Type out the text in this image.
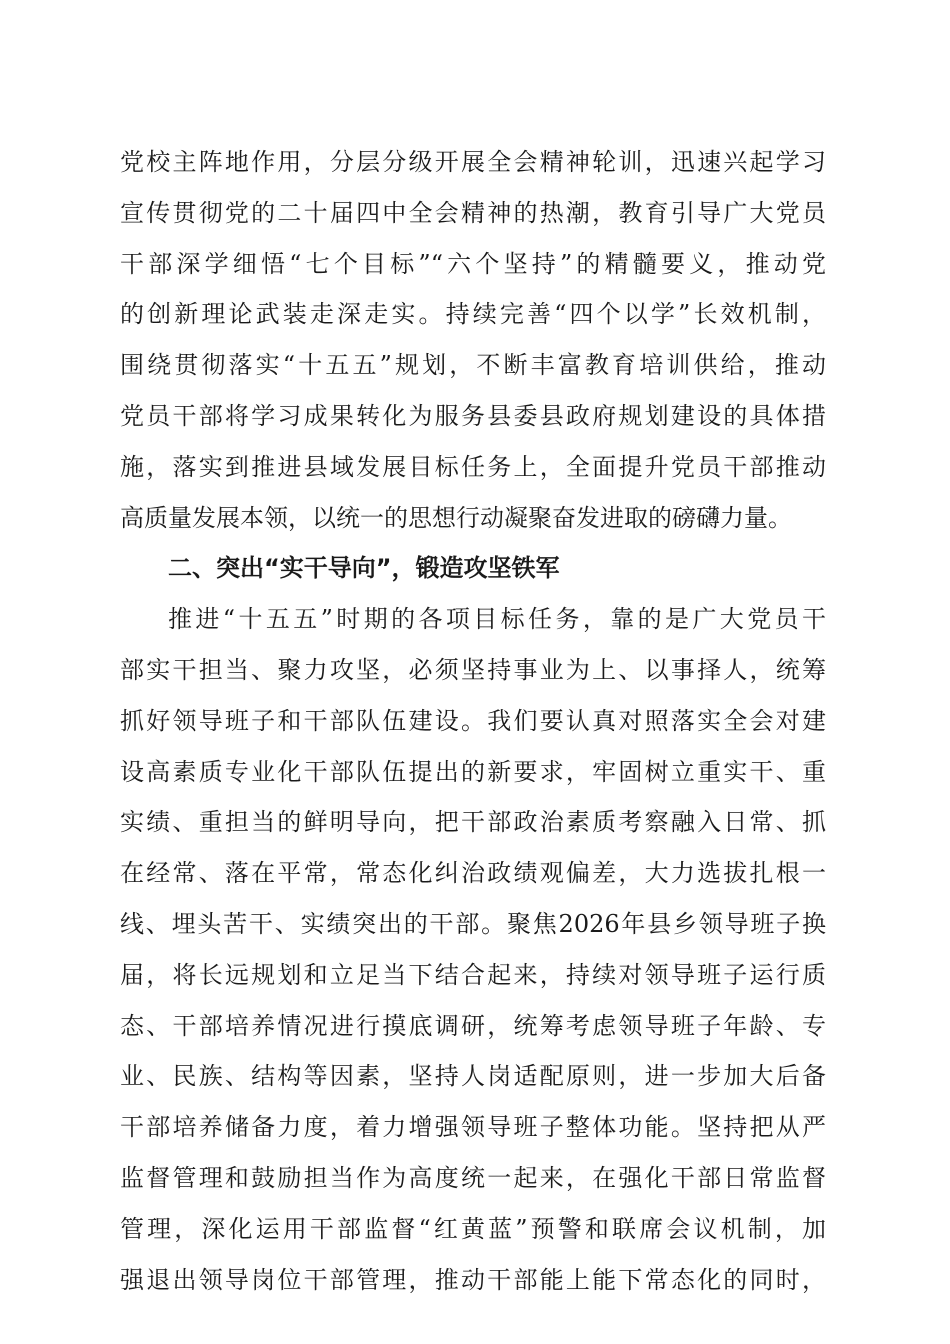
党校主阵地作用，分层分级开展全会精神轮训，迅速兴起学习
宣传贯彻党的二十届四中全会精神的热潮，教育引导广大党员
干部深学细悟“七个目标”“六个坚持”的精髓要义，推动党
的创新理论武装走深走实。持续完善“四个以学”长效机制，
围绕贯彻落实“十五五”规划，不断丰富教育培训供给，推动
党员干部将学习成果转化为服务县委县政府规划建设的具体措
施，落实到推进县域发展目标任务上，全面提升党员干部推动
高质量发展本领，以统一的思想行动凝聚奋发进取的磅礴力量。
二、突出“实干导向”，锻造攻坚铁军
推进“十五五”时期的各项目标任务，靠的是广大党员干
部实干担当、聚力攻坚，必须坚持事业为上、以事择人，统筹
抓好领导班子和干部队伍建设。我们要认真对照落实全会对建
设高素质专业化干部队伍提出的新要求，牢固树立重实干、重
实绩、重担当的鲜明导向，把干部政治素质考察融入日常、抓
在经常、落在平常，常态化纠治政绩观偏差，大力选拔扎根一
线、埋头苦干、实绩突出的干部。聚焦2026年县乡领导班子换
届，将长远规划和立足当下结合起来，持续对领导班子运行质
态、干部培养情况进行摸底调研，统筹考虑领导班子年龄、专
业、民族、结构等因素，坚持人岗适配原则，进一步加大后备
干部培养储备力度，着力增强领导班子整体功能。坚持把从严
监督管理和鼓励担当作为高度统一起来，在强化干部日常监督
管理，深化运用干部监督“红黄蓝”预警和联席会议机制，加
强退出领导岗位干部管理，推动干部能上能下常态化的同时，
